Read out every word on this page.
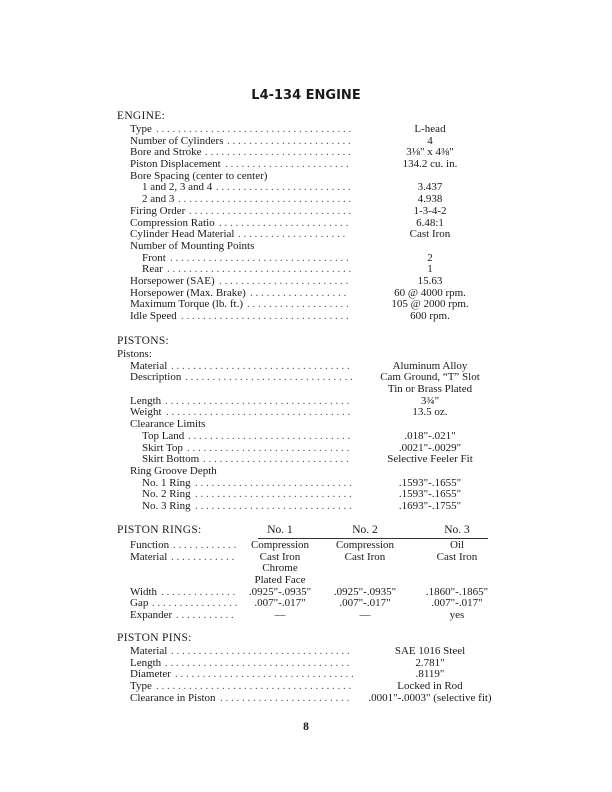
L4-134 ENGINE
ENGINE:
Type . . . . . . . . . . . . . . . . . . . . . . . . . . . . . . . . . . . .	L-head
Number of Cylinders . . . . . . . . . . . . . . . . . . . . . . .	4
Bore and Stroke . . . . . . . . . . . . . . . . . . . . . . . . . . .	3⅛" x 4⅜"
Piston Displacement . . . . . . . . . . . . . . . . . . . . . . .	134.2 cu. in.
Bore Spacing (center to center)
1 and 2, 3 and 4 . . . . . . . . . . . . . . . . . . . . . . . . .	3.437
2 and 3 . . . . . . . . . . . . . . . . . . . . . . . . . . . . . . . .	4.938
Firing Order . . . . . . . . . . . . . . . . . . . . . . . . . . . . . .	1-3-4-2
Compression Ratio . . . . . . . . . . . . . . . . . . . . . . . .	6.48:1
Cylinder Head Material . . . . . . . . . . . . . . . . . . . .	Cast Iron
Number of Mounting Points
Front . . . . . . . . . . . . . . . . . . . . . . . . . . . . . . . . .	2
Rear . . . . . . . . . . . . . . . . . . . . . . . . . . . . . . . . . .	1
Horsepower (SAE) . . . . . . . . . . . . . . . . . . . . . . . .	15.63
Horsepower (Max. Brake) . . . . . . . . . . . . . . . . . .	60 @ 4000 rpm.
Maximum Torque (lb. ft.) . . . . . . . . . . . . . . . . . . .	105 @ 2000 rpm.
Idle Speed . . . . . . . . . . . . . . . . . . . . . . . . . . . . . . .	600 rpm.
PISTONS:
Pistons:
Material . . . . . . . . . . . . . . . . . . . . . . . . . . . . . . . . .	Aluminum Alloy
Description . . . . . . . . . . . . . . . . . . . . . . . . . . . . . . .	Cam Ground, “T” Slot
Tin or Brass Plated
Length . . . . . . . . . . . . . . . . . . . . . . . . . . . . . . . . . .	3¾"
Weight . . . . . . . . . . . . . . . . . . . . . . . . . . . . . . . . . .	13.5 oz.
Clearance Limits
Top Land . . . . . . . . . . . . . . . . . . . . . . . . . . . . . .	.018"-.021"
Skirt Top . . . . . . . . . . . . . . . . . . . . . . . . . . . . . .	.0021"-.0029"
Skirt Bottom . . . . . . . . . . . . . . . . . . . . . . . . . . .	Selective Feeler Fit
Ring Groove Depth
No. 1 Ring . . . . . . . . . . . . . . . . . . . . . . . . . . . . .	.1593"-.1655"
No. 2 Ring . . . . . . . . . . . . . . . . . . . . . . . . . . . . .	.1593"-.1655"
No. 3 Ring . . . . . . . . . . . . . . . . . . . . . . . . . . . . .	.1693"-.1755"
PISTON RINGS:	No. 1	No. 2	No. 3
Function . . . . . . . . . . . .	Compression	Compression	Oil
Material . . . . . . . . . . . .	Cast Iron	Cast Iron	Cast Iron
Chrome
Plated Face
Width . . . . . . . . . . . . . .	.0925"-.0935"	.0925"-.0935"	.1860"-.1865"
Gap . . . . . . . . . . . . . . . .	.007"-.017"	.007"-.017"	.007"-.017"
Expander . . . . . . . . . . .	—	—	yes
PISTON PINS:
Material . . . . . . . . . . . . . . . . . . . . . . . . . . . . . . . . .	SAE 1016 Steel
Length . . . . . . . . . . . . . . . . . . . . . . . . . . . . . . . . . .	2.781"
Diameter . . . . . . . . . . . . . . . . . . . . . . . . . . . . . . . . .	.8119"
Type . . . . . . . . . . . . . . . . . . . . . . . . . . . . . . . . . . . .	Locked in Rod
Clearance in Piston . . . . . . . . . . . . . . . . . . . . . . . .	.0001"-.0003" (selective fit)
8
